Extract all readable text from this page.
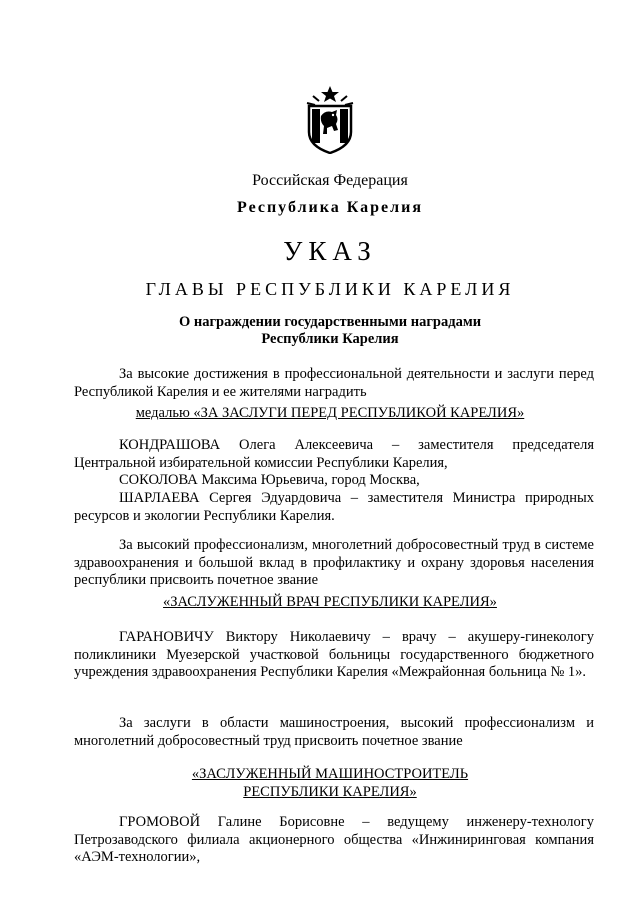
Российская Федерация
Республика Карелия
УКАЗ
ГЛАВЫ РЕСПУБЛИКИ КАРЕЛИЯ
О награждении государственными наградами
Республики Карелия

За высокие достижения в профессиональной деятельности и заслуги перед Республикой Карелия и ее жителями наградить

медалью «ЗА ЗАСЛУГИ ПЕРЕД РЕСПУБЛИКОЙ КАРЕЛИЯ»

КОНДРАШОВА Олега Алексеевича – заместителя председателя Центральной избирательной комиссии Республики Карелия,

СОКОЛОВА Максима Юрьевича, город Москва,

ШАРЛАЕВА Сергея Эдуардовича – заместителя Министра природных ресурсов и экологии Республики Карелия.

За высокий профессионализм, многолетний добросовестный труд в системе здравоохранения и большой вклад в профилактику и охрану здоровья населения республики присвоить почетное звание

«ЗАСЛУЖЕННЫЙ ВРАЧ РЕСПУБЛИКИ КАРЕЛИЯ»

ГАРАНОВИЧУ Виктору Николаевичу – врачу – акушеру-гинекологу поликлиники Муезерской участковой больницы государственного бюджетного учреждения здравоохранения Республики Карелия «Межрайонная больница № 1».

За заслуги в области машиностроения, высокий профессионализм и многолетний добросовестный труд присвоить почетное звание

«ЗАСЛУЖЕННЫЙ МАШИНОСТРОИТЕЛЬ
РЕСПУБЛИКИ КАРЕЛИЯ»

ГРОМОВОЙ Галине Борисовне – ведущему инженеру-технологу Петрозаводского филиала акционерного общества «Инжиниринговая компания «АЭМ-технологии»,
